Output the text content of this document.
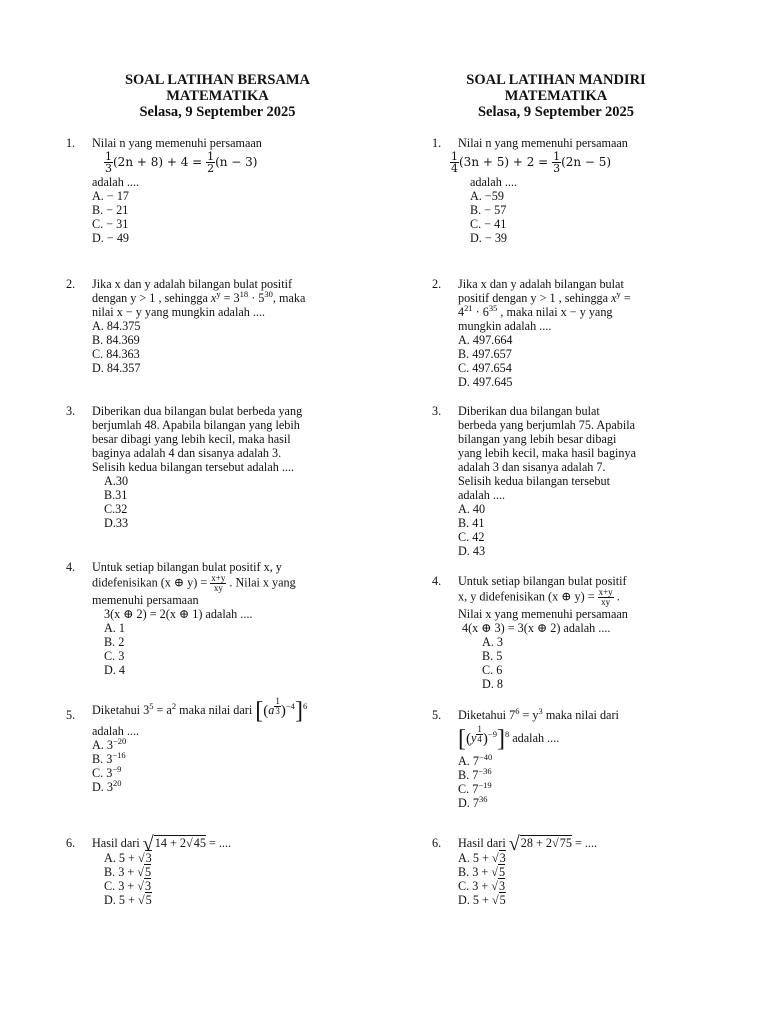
SOAL LATIHAN BERSAMA
MATEMATIKA
Selasa, 9 September 2025
1. Nilai n yang memenuhi persamaan
$\frac{1}{3} (2n + 8) + 4 = \frac{1}{2} (n - 3)$
adalah ....
A. − 17
B. − 21
C. − 31
D. − 49
2. Jika x dan y adalah bilangan bulat positif
dengan y > 1 , sehingga $x^y = 3^{18} \cdot 5^{30}$, maka
nilai x − y yang mungkin adalah ....
A. 84.375
B. 84.369
C. 84.363
D. 84.357
3. Diberikan dua bilangan bulat berbeda yang
berjumlah 48. Apabila bilangan yang lebih
besar dibagi yang lebih kecil, maka hasil
baginya adalah 4 dan sisanya adalah 3.
Selisih kedua bilangan tersebut adalah ....
A.30
B.31
C.32
D.33
4. Untuk setiap bilangan bulat positif x, y
didefenisikan (x ⊕ $y) = \frac{x+y}{xy}$ . Nilai x yang
memenuhi persamaan
3(x ⊕ 2) = 2(x ⊕ 1) adalah ....
A. 1
B. 2
C. 3
D. 4
5. Diketahui $3^5 = a^2$ maka nilai dari [(a $^{\frac{1}{3}}$ )$^{-4}$]$^6$
adalah ....
A. $3^{-20}$
B. $3^{-16}$
C. $3^{-9}$
D. $3^{20}$
6. Hasil dari √14 + 2√45 = ....
A. 5 + √3
B. 3 + √5
C. 3 + √3
D. 5 + √5
SOAL LATIHAN MANDIRI
MATEMATIKA
Selasa, 9 September 2025
1. Nilai n yang memenuhi persamaan
$\frac{1}{4} (3n + 5) + 2 = \frac{1}{3} (2n - 5)$
adalah ....
A. −59
B. − 57
C. − 41
D. − 39
2. Jika x dan y adalah bilangan bulat
positif dengan y > 1 , sehingga $x^y$ =
$4^{21} \cdot 6^{35}$ , maka nilai x − y yang
mungkin adalah ....
A. 497.664
B. 497.657
C. 497.654
D. 497.645
3. Diberikan dua bilangan bulat
berbeda yang berjumlah 75. Apabila
bilangan yang lebih besar dibagi
yang lebih kecil, maka hasil baginya
adalah 3 dan sisanya adalah 7.
Selisih kedua bilangan tersebut
adalah ....
A. 40
B. 41
C. 42
D. 43
4. Untuk setiap bilangan bulat positif
x, y didefenisikan (x ⊕ $y) = \frac{x+y}{xy}$ .
Nilai x yang memenuhi persamaan
4(x ⊕ 3) = 3(x ⊕ 2) adalah ....
A. 3
B. 5
C. 6
D. 8
5. Diketahui $7^6 = y^3$ maka nilai dari
[(y $^{\frac{1}{4}}$ )$^{-9}$]$^8$ adalah ....
A. $7^{-40}$
B. $7^{-36}$
C. $7^{-19}$
D. $7^{36}$
6. Hasil dari √28 + 2√75 = ....
A. 5 + √3
B. 3 + √5
C. 3 + √3
D. 5 + √5
